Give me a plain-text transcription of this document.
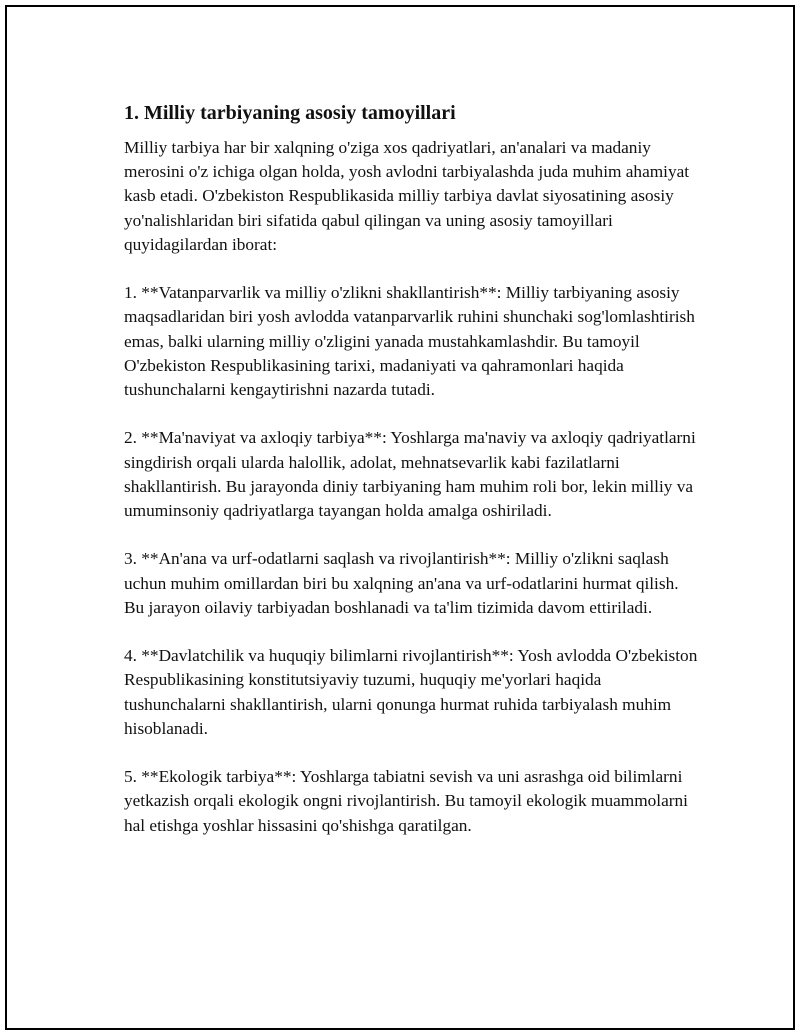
1. Milliy tarbiyaning asosiy tamoyillari

Milliy tarbiya har bir xalqning o'ziga xos qadriyatlari, an'analari va madaniy merosini o'z ichiga olgan holda, yosh avlodni tarbiyalashda juda muhim ahamiyat kasb etadi. O'zbekiston Respublikasida milliy tarbiya davlat siyosatining asosiy yo'nalishlaridan biri sifatida qabul qilingan va uning asosiy tamoyillari quyidagilardan iborat:

1. **Vatanparvarlik va milliy o'zlikni shakllantirish**: Milliy tarbiyaning asosiy maqsadlaridan biri yosh avlodda vatanparvarlik ruhini shunchaki sog'lomlashtirish emas, balki ularning milliy o'zligini yanada mustahkamlashdir. Bu tamoyil O'zbekiston Respublikasining tarixi, madaniyati va qahramonlari haqida tushunchalarni kengaytirishni nazarda tutadi.

2. **Ma'naviyat va axloqiy tarbiya**: Yoshlarga ma'naviy va axloqiy qadriyatlarni singdirish orqali ularda halollik, adolat, mehnatsevarlik kabi fazilatlarni shakllantirish. Bu jarayonda diniy tarbiyaning ham muhim roli bor, lekin milliy va umuminsoniy qadriyatlarga tayangan holda amalga oshiriladi.

3. **An'ana va urf-odatlarni saqlash va rivojlantirish**: Milliy o'zlikni saqlash uchun muhim omillardan biri bu xalqning an'ana va urf-odatlarini hurmat qilish. Bu jarayon oilaviy tarbiyadan boshlanadi va ta'lim tizimida davom ettiriladi.

4. **Davlatchilik va huquqiy bilimlarni rivojlantirish**: Yosh avlodda O'zbekiston Respublikasining konstitutsiyaviy tuzumi, huquqiy me'yorlari haqida tushunchalarni shakllantirish, ularni qonunga hurmat ruhida tarbiyalash muhim hisoblanadi.

5. **Ekologik tarbiya**: Yoshlarga tabiatni sevish va uni asrashga oid bilimlarni yetkazish orqali ekologik ongni rivojlantirish. Bu tamoyil ekologik muammolarni hal etishga yoshlar hissasini qo'shishga qaratilgan.
